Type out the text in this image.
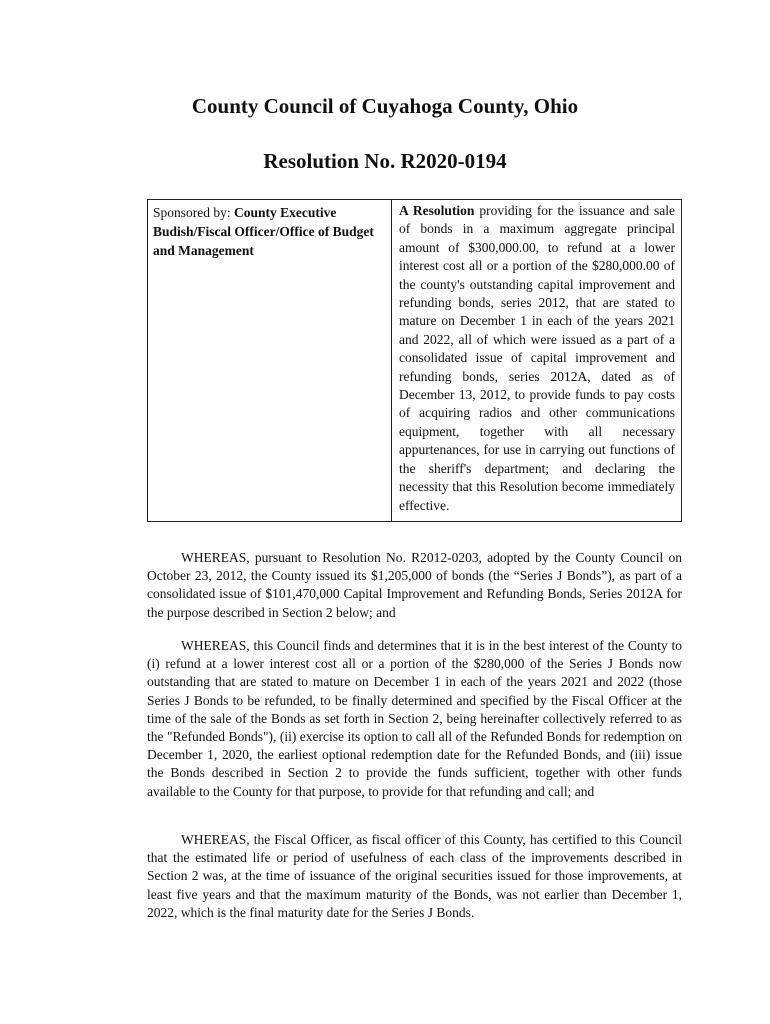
County Council of Cuyahoga County, Ohio
Resolution No. R2020-0194
Sponsored by: County Executive Budish/Fiscal Officer/Office of Budget and Management
A Resolution providing for the issuance and sale of bonds in a maximum aggregate principal amount of $300,000.00, to refund at a lower interest cost all or a portion of the $280,000.00 of the county's outstanding capital improvement and refunding bonds, series 2012, that are stated to mature on December 1 in each of the years 2021 and 2022, all of which were issued as a part of a consolidated issue of capital improvement and refunding bonds, series 2012A, dated as of December 13, 2012, to provide funds to pay costs of acquiring radios and other communications equipment, together with all necessary appurtenances, for use in carrying out functions of the sheriff's department; and declaring the necessity that this Resolution become immediately effective.

WHEREAS, pursuant to Resolution No. R2012-0203, adopted by the County Council on October 23, 2012, the County issued its $1,205,000 of bonds (the “Series J Bonds”), as part of a consolidated issue of $101,470,000 Capital Improvement and Refunding Bonds, Series 2012A for the purpose described in Section 2 below; and

WHEREAS, this Council finds and determines that it is in the best interest of the County to (i) refund at a lower interest cost all or a portion of the $280,000 of the Series J Bonds now outstanding that are stated to mature on December 1 in each of the years 2021 and 2022 (those Series J Bonds to be refunded, to be finally determined and specified by the Fiscal Officer at the time of the sale of the Bonds as set forth in Section 2, being hereinafter collectively referred to as the "Refunded Bonds"), (ii) exercise its option to call all of the Refunded Bonds for redemption on December 1, 2020, the earliest optional redemption date for the Refunded Bonds, and (iii) issue the Bonds described in Section 2 to provide the funds sufficient, together with other funds available to the County for that purpose, to provide for that refunding and call; and

WHEREAS, the Fiscal Officer, as fiscal officer of this County, has certified to this Council that the estimated life or period of usefulness of each class of the improvements described in Section 2 was, at the time of issuance of the original securities issued for those improvements, at least five years and that the maximum maturity of the Bonds, was not earlier than December 1, 2022, which is the final maturity date for the Series J Bonds.
